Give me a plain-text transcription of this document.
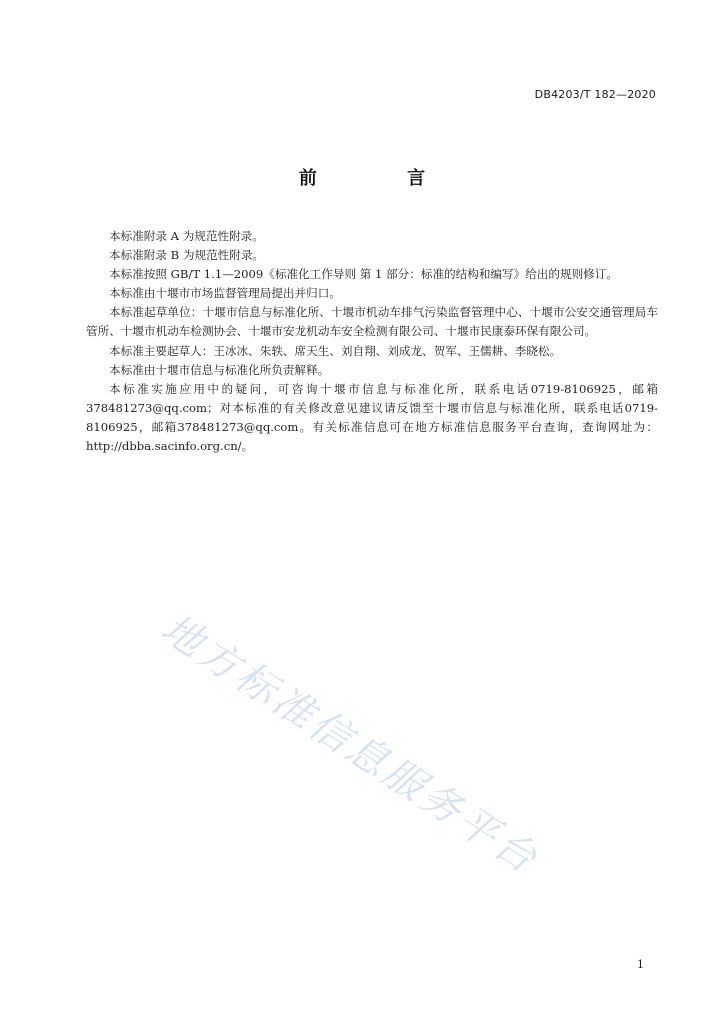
DB4203/T 182—2020
前 言

本标准附录 A 为规范性附录。

本标准附录 B 为规范性附录。

本标准按照 GB/T 1.1—2009《标准化工作导则 第 1 部分：标准的结构和编写》给出的规则修订。

本标准由十堰市市场监督管理局提出并归口。

本标准起草单位：十堰市信息与标准化所、十堰市机动车排气污染监督管理中心、十堰市公安交通管理局车管所、十堰市机动车检测协会、十堰市安龙机动车安全检测有限公司、十堰市民康泰环保有限公司。

本标准主要起草人：王冰冰、朱轶、席天生、刘自翔、刘成龙、贺军、王儒耕、李晓松。

本标准由十堰市信息与标准化所负责解释。

本标准实施应用中的疑问，可咨询十堰市信息与标准化所，联系电话0719-8106925，邮箱378481273@qq.com；对本标准的有关修改意见建议请反馈至十堰市信息与标准化所，联系电话0719-8106925，邮箱378481273@qq.com。有关标准信息可在地方标准信息服务平台查询，查询网址为：http://dbba.sacinfo.org.cn/。

地方标准信息服务平台
1
